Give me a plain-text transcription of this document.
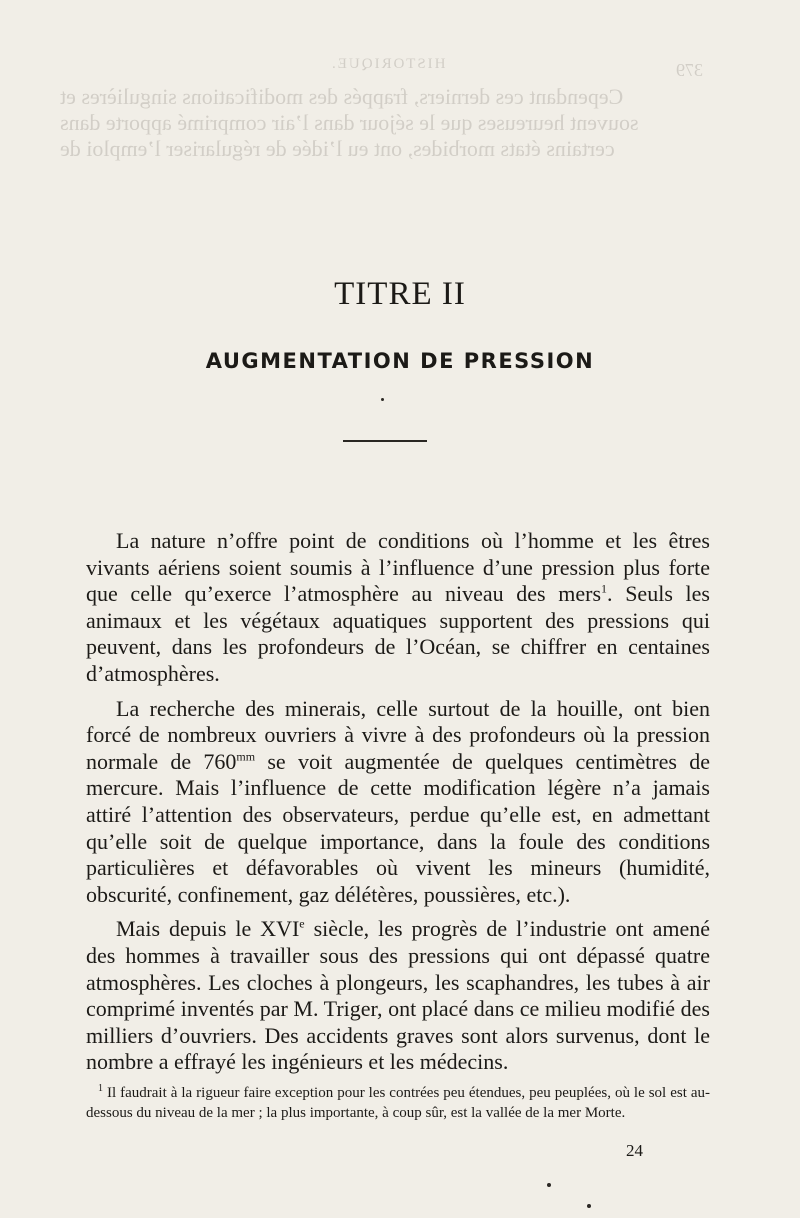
HISTORIQUE.	379
Cependant ces derniers, frappés des modifications singulières et
souvent heureuses que le séjour dans l’air comprimé apporte dans
certains états morbides, ont eu l’idée de régulariser l’emploi de
TITRE II
AUGMENTATION DE PRESSION

La nature n’offre point de conditions où l’homme et les êtres vivants aériens soient soumis à l’influence d’une pression plus forte que celle qu’exerce l’atmosphère au niveau des mers$^1$. Seuls les animaux et les végétaux aquatiques supportent des pressions qui peuvent, dans les profondeurs de l’Océan, se chiffrer en centaines d’atmosphères.

La recherche des minerais, celle surtout de la houille, ont bien forcé de nombreux ouvriers à vivre à des profondeurs où la pression normale de $760^{mm}$ se voit augmentée de quelques centimètres de mercure. Mais l’influence de cette modification légère n’a jamais attiré l’attention des observateurs, perdue qu’elle est, en admettant qu’elle soit de quelque importance, dans la foule des conditions particulières et défavorables où vivent les mineurs (humidité, obscurité, confinement, gaz délétères, poussières, etc.).

Mais depuis le XVIe siècle, les progrès de l’industrie ont amené des hommes à travailler sous des pressions qui ont dépassé quatre atmosphères. Les cloches à plongeurs, les scaphandres, les tubes à air comprimé inventés par M. Triger, ont placé dans ce milieu modifié des milliers d’ouvriers. Des accidents graves sont alors survenus, dont le nombre a effrayé les ingénieurs et les médecins.

$^1$ Il faudrait à la rigueur faire exception pour les contrées peu étendues, peu peuplées, où le sol est au-dessous du niveau de la mer ; la plus importante, à coup sûr, est la vallée de la mer Morte.

24
